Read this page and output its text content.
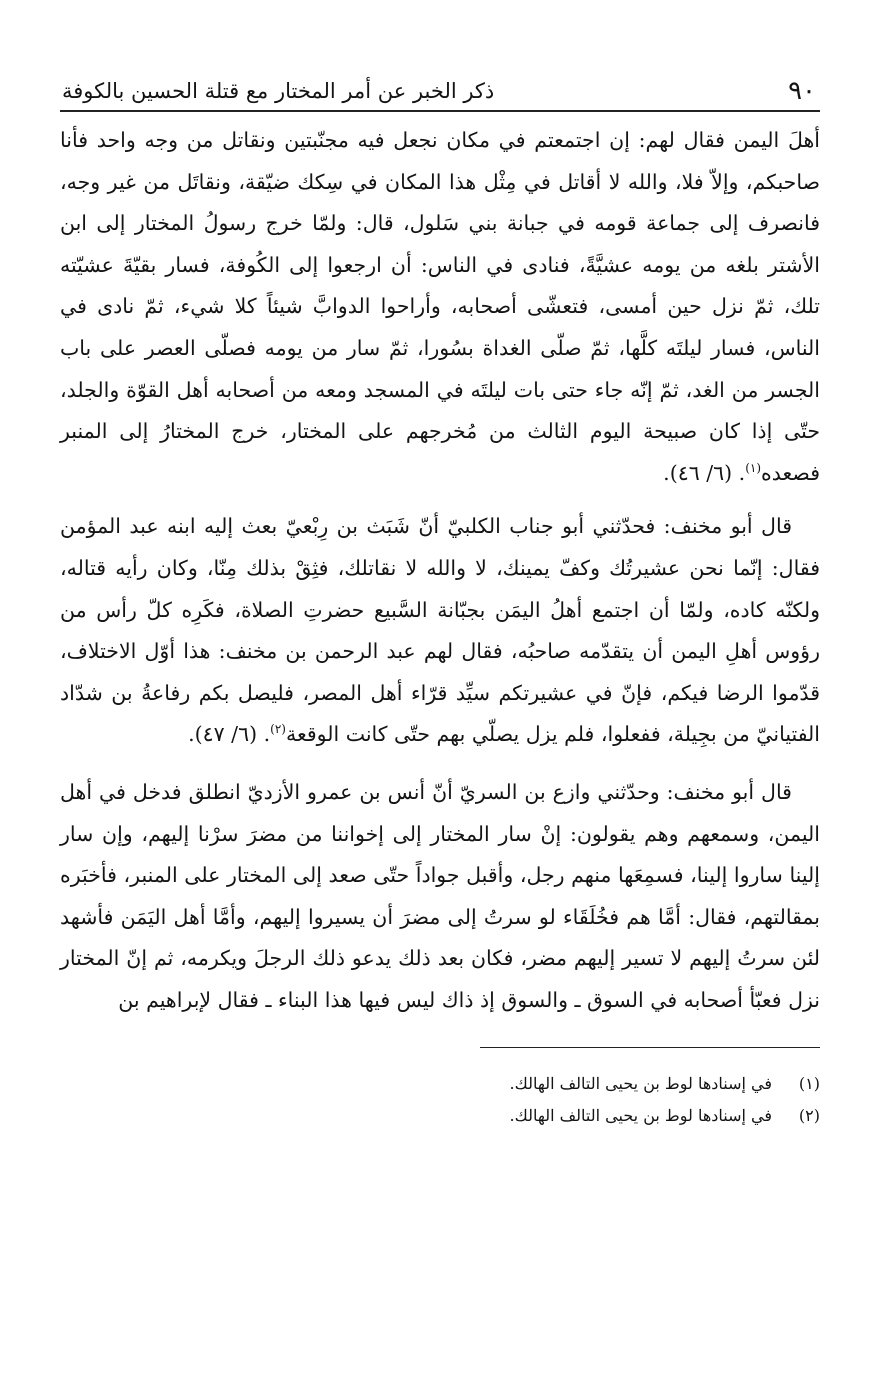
٩٠
ذكر الخبر عن أمر المختار مع قتلة الحسين بالكوفة

أهلَ اليمن فقال لهم: إن اجتمعتم في مكان نجعل فيه مجنّبتين ونقاتل من وجه واحد فأنا صاحبكم، وإلاّ فلا، والله لا أقاتل في مِثْل هذا المكان في سِكك ضيّقة، ونقاتَل من غير وجه، فانصرف إلى جماعة قومه في جبانة بني سَلول، قال: ولمّا خرج رسولُ المختار إلى ابن الأشتر بلغه من يومه عشيَّةً، فنادى في الناس: أن ارجعوا إلى الكُوفة، فسار بقيّةَ عشيّته تلك، ثمّ نزل حين أمسى، فتعشّى أصحابه، وأراحوا الدوابَّ شيئاً كلا شيء، ثمّ نادى في الناس، فسار ليلتَه كلَّها، ثمّ صلّى الغداة بسُورا، ثمّ سار من يومه فصلّى العصر على باب الجسر من الغد، ثمّ إنّه جاء حتى بات ليلتَه في المسجد ومعه من أصحابه أهل القوّة والجلد، حتّى إذا كان صبيحة اليوم الثالث من مُخرجهم على المختار، خرج المختارُ إلى المنبر فصعده$^{(١)}$. (٦/ ٤٦).

قال أبو مخنف: فحدّثني أبو جناب الكلبيّ أنّ شَبَث بن رِبْعيّ بعث إليه ابنه عبد المؤمن فقال: إنّما نحن عشيرتُك وكفّ يمينك، لا والله لا نقاتلك، فثِقْ بذلك مِنّا، وكان رأيه قتاله، ولكنّه كاده، ولمّا أن اجتمع أهلُ اليمَن بجبّانة السَّبيع حضرتِ الصلاة، فكَرِه كلّ رأس من رؤوس أهلِ اليمن أن يتقدّمه صاحبُه، فقال لهم عبد الرحمن بن مخنف: هذا أوّل الاختلاف، قدّموا الرضا فيكم، فإنّ في عشيرتكم سيِّد قرّاء أهل المصر، فليصل بكم رفاعةُ بن شدّاد الفتيانيّ من بجِيلة، ففعلوا، فلم يزل يصلّي بهم حتّى كانت الوقعة$^{(٢)}$. (٦/ ٤٧).

قال أبو مخنف: وحدّثني وازع بن السريّ أنّ أنس بن عمرو الأزديّ انطلق فدخل في أهل اليمن، وسمعهم وهم يقولون: إنْ سار المختار إلى إخواننا من مضرَ سرْنا إليهم، وإن سار إلينا ساروا إلينا، فسمِعَها منهم رجل، وأقبل جواداً حتّى صعد إلى المختار على المنبر، فأخبَره بمقالتهم، فقال: أمَّا هم فخُلَقَاء لو سرتُ إلى مضرَ أن يسيروا إليهم، وأمَّا أهل اليَمَن فأشهد لئن سرتُ إليهم لا تسير إليهم مضر، فكان بعد ذلك يدعو ذلك الرجلَ ويكرمه، ثم إنّ المختار نزل فعبّأ أصحابه في السوق ـ والسوق إذ ذاك ليس فيها هذا البناء ـ فقال لإبراهيم بن

(١)
في إسنادها لوط بن يحيى التالف الهالك.
(٢)
في إسنادها لوط بن يحيى التالف الهالك.
